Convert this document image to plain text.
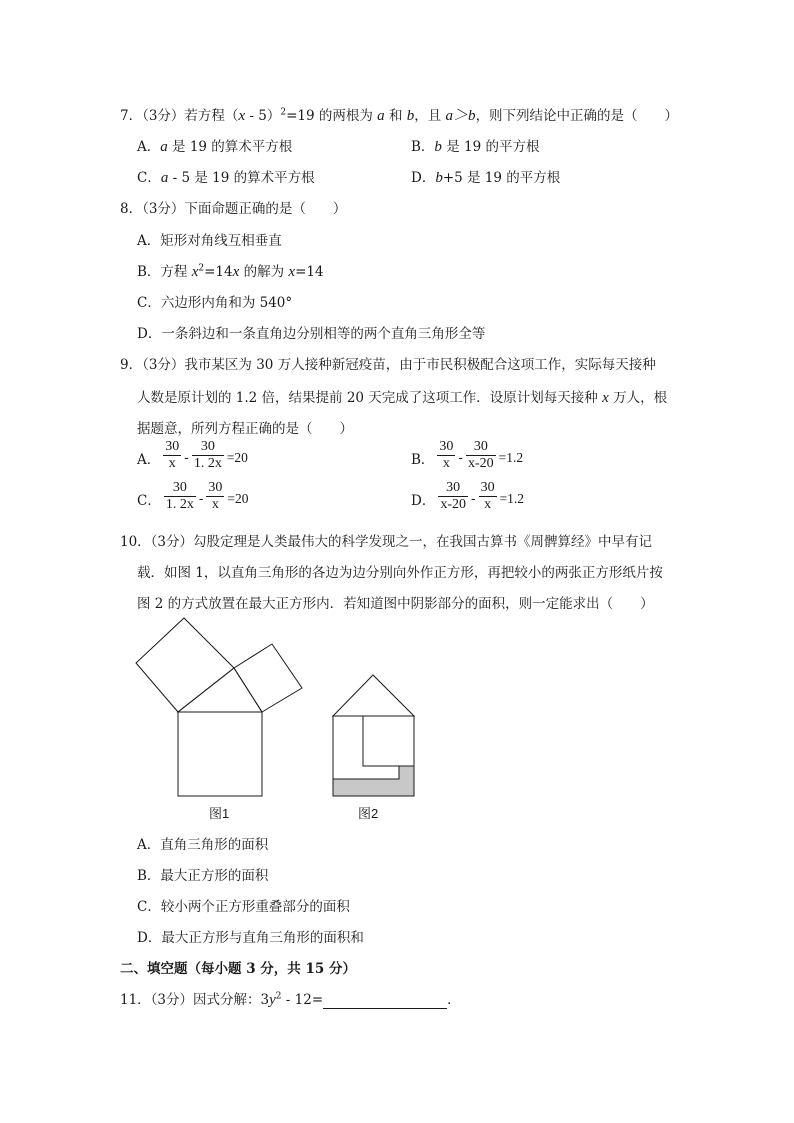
7．（3分）若方程（x - 5）$^2$=19 的两根为 a 和 b，且 a＞b，则下列结论中正确的是（　　）
A．a 是 19 的算术平方根	B．b 是 19 的平方根
C．a - 5 是 19 的算术平方根	D．b+5 是 19 的平方根
8．（3分）下面命题正确的是（　　）
A．矩形对角线互相垂直
B．方程 $x^2=14x$ 的解为 x=14
C．六边形内角和为 540°
D．一条斜边和一条直角边分别相等的两个直角三角形全等
9．（3分）我市某区为 30 万人接种新冠疫苗，由于市民积极配合这项工作，实际每天接种
人数是原计划的 1.2 倍，结果提前 20 天完成了这项工作．设原计划每天接种 x 万人，根
据题意，所列方程正确的是（　　）
A． $\frac{30}{x} - \frac{30}{1. 2x} =20$	B． $\frac{30}{x} - \frac{30}{x-20} =1.2$
C． $\frac{30}{1. 2x} - \frac{30}{x} =20$	D． $\frac{30}{x-20} - \frac{30}{x} =1.2$
10．（3分）勾股定理是人类最伟大的科学发现之一，在我国古算书《周髀算经》中早有记
载．如图 1，以直角三角形的各边为边分别向外作正方形，再把较小的两张正方形纸片按
图 2 的方式放置在最大正方形内．若知道图中阴影部分的面积，则一定能求出（　　）
图1	图2
A．直角三角形的面积
B．最大正方形的面积
C．较小两个正方形重叠部分的面积
D．最大正方形与直角三角形的面积和
二、填空题（每小题 3 分，共 15 分）
11．（3分）因式分解：$3y^2 - 12=$	．
